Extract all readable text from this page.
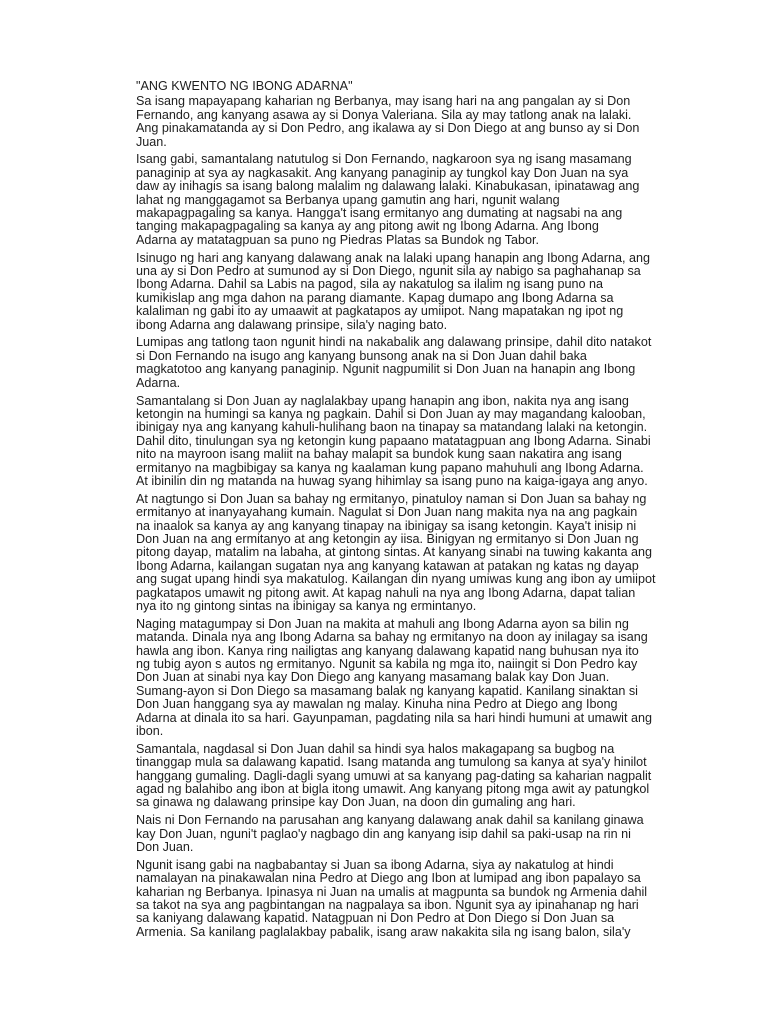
"ANG KWENTO NG IBONG ADARNA"
Sa isang mapayapang kaharian ng Berbanya, may isang hari na ang pangalan ay si Don
Fernando, ang kanyang asawa ay si Donya Valeriana. Sila ay may tatlong anak na lalaki.
Ang pinakamatanda ay si Don Pedro, ang ikalawa ay si Don Diego at ang bunso ay si Don
Juan.
Isang gabi, samantalang natutulog si Don Fernando, nagkaroon sya ng isang masamang
panaginip at sya ay nagkasakit. Ang kanyang panaginip ay tungkol kay Don Juan na sya
daw ay inihagis sa isang balong malalim ng dalawang lalaki. Kinabukasan, ipinatawag ang
lahat ng manggagamot sa Berbanya upang gamutin ang hari, ngunit walang
makapagpagaling sa kanya. Hangga't isang ermitanyo ang dumating at nagsabi na ang
tanging makapagpagaling sa kanya ay ang pitong awit ng Ibong Adarna. Ang Ibong
Adarna ay matatagpuan sa puno ng Piedras Platas sa Bundok ng Tabor.
Isinugo ng hari ang kanyang dalawang anak na lalaki upang hanapin ang Ibong Adarna, ang
una ay si Don Pedro at sumunod ay si Don Diego, ngunit sila ay nabigo sa paghahanap sa
Ibong Adarna. Dahil sa Labis na pagod, sila ay nakatulog sa ilalim ng isang puno na
kumikislap ang mga dahon na parang diamante. Kapag dumapo ang Ibong Adarna sa
kalaliman ng gabi ito ay umaawit at pagkatapos ay umiipot. Nang mapatakan ng ipot ng
ibong Adarna ang dalawang prinsipe, sila'y naging bato.
Lumipas ang tatlong taon ngunit hindi na nakabalik ang dalawang prinsipe, dahil dito natakot
si Don Fernando na isugo ang kanyang bunsong anak na si Don Juan dahil baka
magkatotoo ang kanyang panaginip. Ngunit nagpumilit si Don Juan na hanapin ang Ibong
Adarna.
Samantalang si Don Juan ay naglalakbay upang hanapin ang ibon, nakita nya ang isang
ketongin na humingi sa kanya ng pagkain. Dahil si Don Juan ay may magandang kalooban,
ibinigay nya ang kanyang kahuli-hulihang baon na tinapay sa matandang lalaki na ketongin.
Dahil dito, tinulungan sya ng ketongin kung papaano matatagpuan ang Ibong Adarna. Sinabi
nito na mayroon isang maliit na bahay malapit sa bundok kung saan nakatira ang isang
ermitanyo na magbibigay sa kanya ng kaalaman kung papano mahuhuli ang Ibong Adarna.
At ibinilin din ng matanda na huwag syang hihimlay sa isang puno na kaiga-igaya ang anyo.
At nagtungo si Don Juan sa bahay ng ermitanyo, pinatuloy naman si Don Juan sa bahay ng
ermitanyo at inanyayahang kumain. Nagulat si Don Juan nang makita nya na ang pagkain
na inaalok sa kanya ay ang kanyang tinapay na ibinigay sa isang ketongin. Kaya't inisip ni
Don Juan na ang ermitanyo at ang ketongin ay iisa. Binigyan ng ermitanyo si Don Juan ng
pitong dayap, matalim na labaha, at gintong sintas. At kanyang sinabi na tuwing kakanta ang
Ibong Adarna, kailangan sugatan nya ang kanyang katawan at patakan ng katas ng dayap
ang sugat upang hindi sya makatulog. Kailangan din nyang umiwas kung ang ibon ay umiipot
pagkatapos umawit ng pitong awit. At kapag nahuli na nya ang Ibong Adarna, dapat talian
nya ito ng gintong sintas na ibinigay sa kanya ng ermintanyo.
Naging matagumpay si Don Juan na makita at mahuli ang Ibong Adarna ayon sa bilin ng
matanda. Dinala nya ang Ibong Adarna sa bahay ng ermitanyo na doon ay inilagay sa isang
hawla ang ibon. Kanya ring nailigtas ang kanyang dalawang kapatid nang buhusan nya ito
ng tubig ayon s autos ng ermitanyo. Ngunit sa kabila ng mga ito, naiingit si Don Pedro kay
Don Juan at sinabi nya kay Don Diego ang kanyang masamang balak kay Don Juan.
Sumang-ayon si Don Diego sa masamang balak ng kanyang kapatid. Kanilang sinaktan si
Don Juan hanggang sya ay mawalan ng malay. Kinuha nina Pedro at Diego ang Ibong
Adarna at dinala ito sa hari. Gayunpaman, pagdating nila sa hari hindi humuni at umawit ang
ibon.
Samantala, nagdasal si Don Juan dahil sa hindi sya halos makagapang sa bugbog na
tinanggap mula sa dalawang kapatid. Isang matanda ang tumulong sa kanya at sya'y hinilot
hanggang gumaling. Dagli-dagli syang umuwi at sa kanyang pag-dating sa kaharian nagpalit
agad ng balahibo ang ibon at bigla itong umawit. Ang kanyang pitong mga awit ay patungkol
sa ginawa ng dalawang prinsipe kay Don Juan, na doon din gumaling ang hari.
Nais ni Don Fernando na parusahan ang kanyang dalawang anak dahil sa kanilang ginawa
kay Don Juan, nguni't paglao'y nagbago din ang kanyang isip dahil sa paki-usap na rin ni
Don Juan.
Ngunit isang gabi na nagbabantay si Juan sa ibong Adarna, siya ay nakatulog at hindi
namalayan na pinakawalan nina Pedro at Diego ang Ibon at lumipad ang ibon papalayo sa
kaharian ng Berbanya. Ipinasya ni Juan na umalis at magpunta sa bundok ng Armenia dahil
sa takot na sya ang pagbintangan na nagpalaya sa ibon. Ngunit sya ay ipinahanap ng hari
sa kaniyang dalawang kapatid. Natagpuan ni Don Pedro at Don Diego si Don Juan sa
Armenia. Sa kanilang paglalakbay pabalik, isang araw nakakita sila ng isang balon, sila'y
